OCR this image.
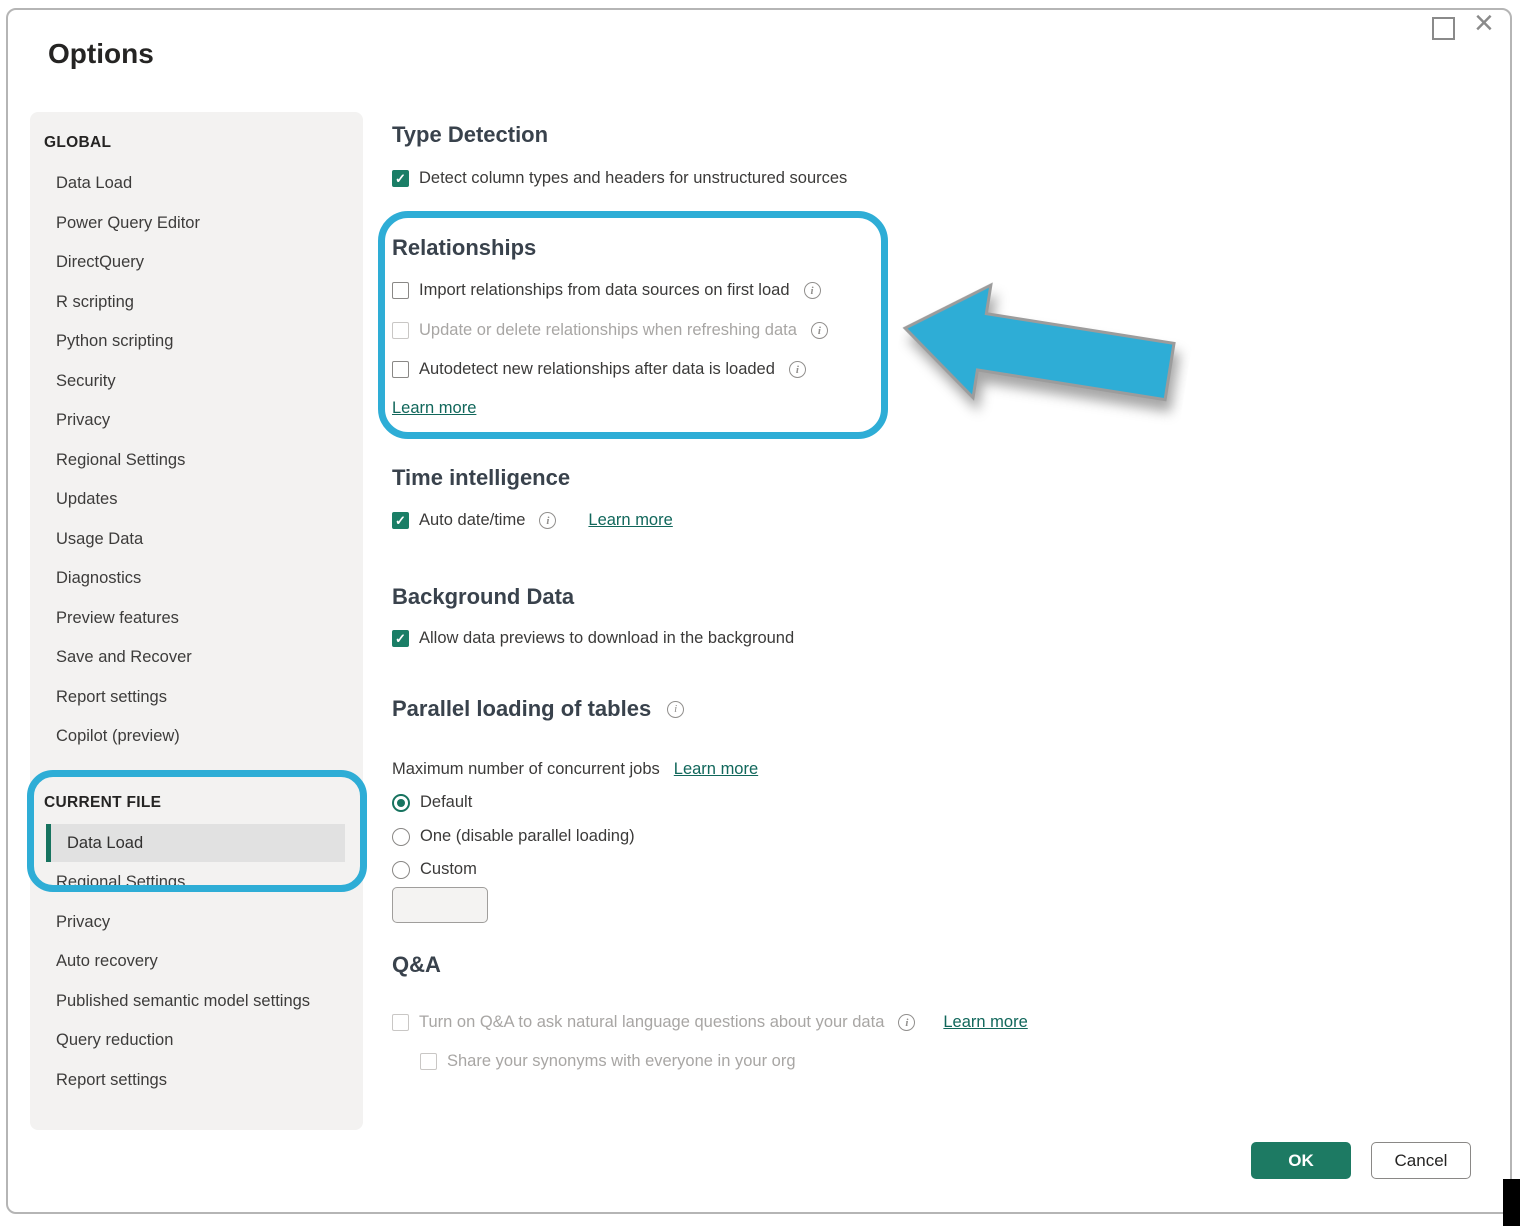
Options
×
GLOBAL
Data Load
Power Query Editor
DirectQuery
R scripting
Python scripting
Security
Privacy
Regional Settings
Updates
Usage Data
Diagnostics
Preview features
Save and Recover
Report settings
Copilot (preview)
CURRENT FILE
Data Load
Regional Settings
Privacy
Auto recovery
Published semantic model settings
Query reduction
Report settings
Type Detection
✓ Detect column types and headers for unstructured sources
Relationships
Import relationships from data sources on first load	i
Update or delete relationships when refreshing data	i
Autodetect new relationships after data is loaded	i
Learn more
Time intelligence
✓ Auto date/time	i	Learn more
Background Data
✓ Allow data previews to download in the background
Parallel loading of tables	i
Maximum number of concurrent jobs Learn more
Default
One (disable parallel loading)
Custom
Q&A
Turn on Q&A to ask natural language questions about your data	i	Learn more
Share your synonyms with everyone in your org
OK	Cancel
